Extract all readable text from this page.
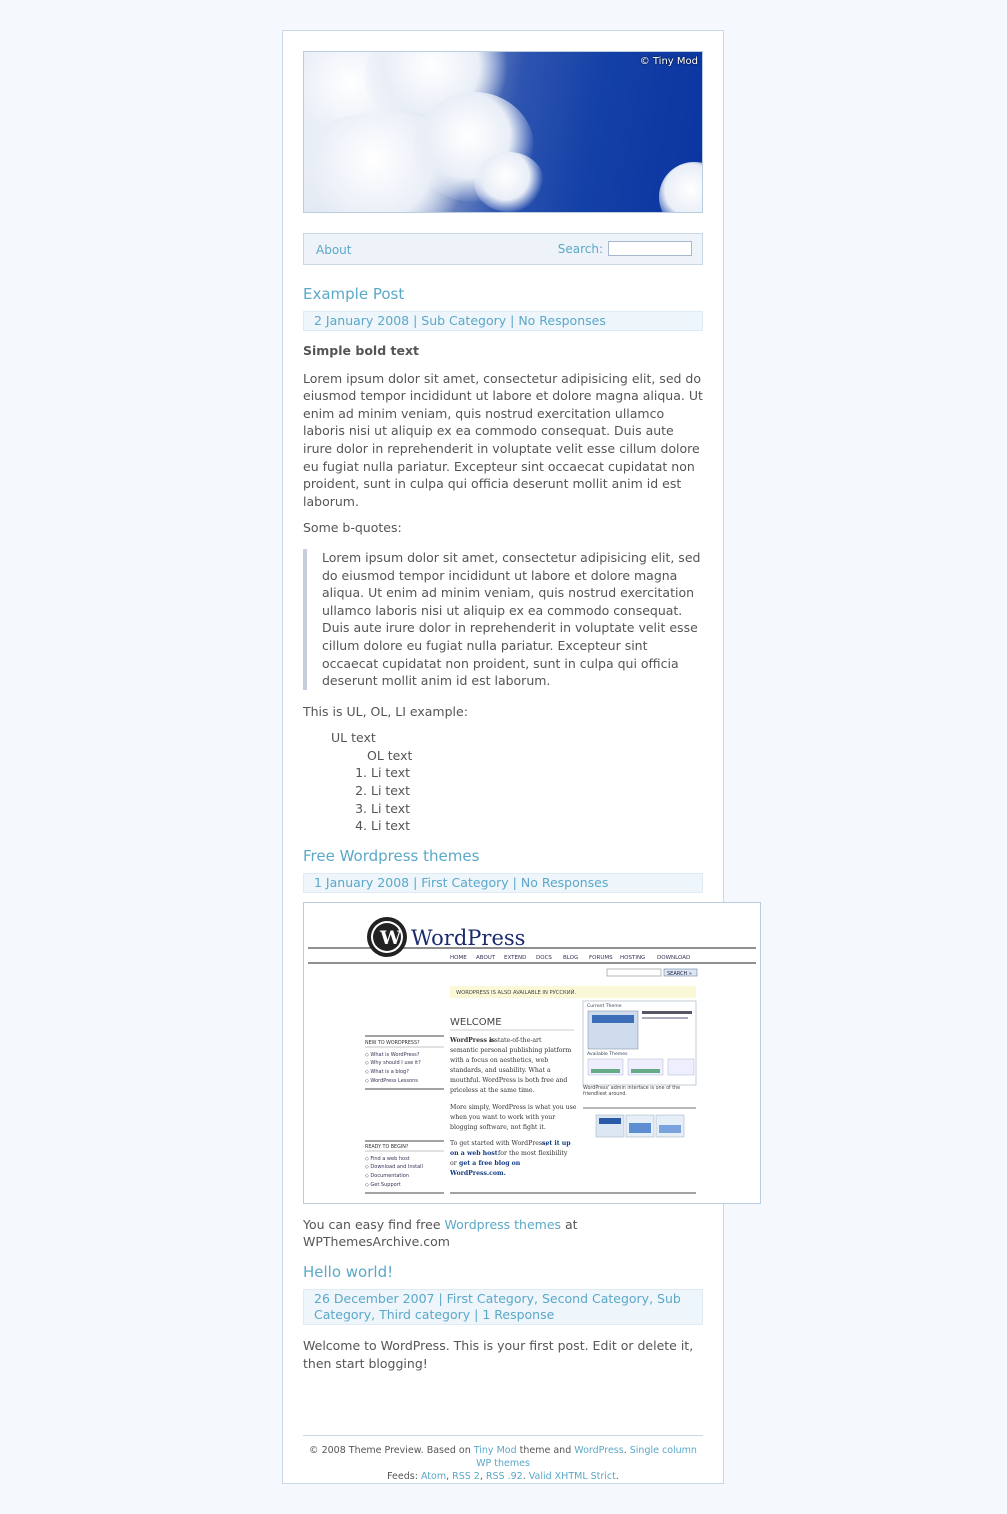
© Tiny Mod
About	Search:
Example Post
2 January 2008 | Sub Category | No Responses

Simple bold text

Lorem ipsum dolor sit amet, consectetur adipisicing elit, sed do eiusmod tempor incididunt ut labore et dolore magna aliqua. Ut enim ad minim veniam, quis nostrud exercitation ullamco laboris nisi ut aliquip ex ea commodo consequat. Duis aute irure dolor in reprehenderit in voluptate velit esse cillum dolore eu fugiat nulla pariatur. Excepteur sint occaecat cupidatat non proident, sunt in culpa qui officia deserunt mollit anim id est laborum.

Some b-quotes:

Lorem ipsum dolor sit amet, consectetur adipisicing elit, sed do eiusmod tempor incididunt ut labore et dolore magna aliqua. Ut enim ad minim veniam, quis nostrud exercitation ullamco laboris nisi ut aliquip ex ea commodo consequat. Duis aute irure dolor in reprehenderit in voluptate velit esse cillum dolore eu fugiat nulla pariatur. Excepteur sint occaecat cupidatat non proident, sunt in culpa qui officia deserunt mollit anim id est laborum.

This is UL, OL, LI example:

UL text
OL text
1. Li text
2. Li text
3. Li text
4. Li text
Free Wordpress themes
1 January 2008 | First Category | No Responses
W WordPress
HOME ABOUT EXTEND DOCS BLOG FORUMS HOSTING DOWNLOAD
SEARCH »
WORDPRESS IS ALSO AVAILABLE IN РУССКИЙ.
WELCOME
WordPress is
a state-of-the-art
semantic personal publishing platform
with a focus on aesthetics, web
standards, and usability. What a
mouthful. WordPress is both free and
priceless at the same time.
More simply, WordPress is what you use
when you want to work with your
blogging software, not fight it.
To get started with WordPress,
set it up
on a web host for the most flexibility
or get a free blog on
WordPress.com.
NEW TO WORDPRESS?
◇ What is WordPress?
◇ Why should I use it?
◇ What is a blog?
◇ WordPress Lessons
READY TO BEGIN?
◇ Find a web host
◇ Download and Install
◇ Documentation
◇ Get Support
Current Theme
Available Themes
WordPress' admin interface is one of the
friendliest around.

You can easy find free Wordpress themes at WPThemesArchive.com

Hello world!
26 December 2007 | First Category, Second Category, Sub Category, Third category | 1 Response

Welcome to WordPress. This is your first post. Edit or delete it, then start blogging!

© 2008 Theme Preview. Based on Tiny Mod theme and WordPress. Single column WP themes
Feeds: Atom, RSS 2, RSS .92. Valid XHTML Strict.
